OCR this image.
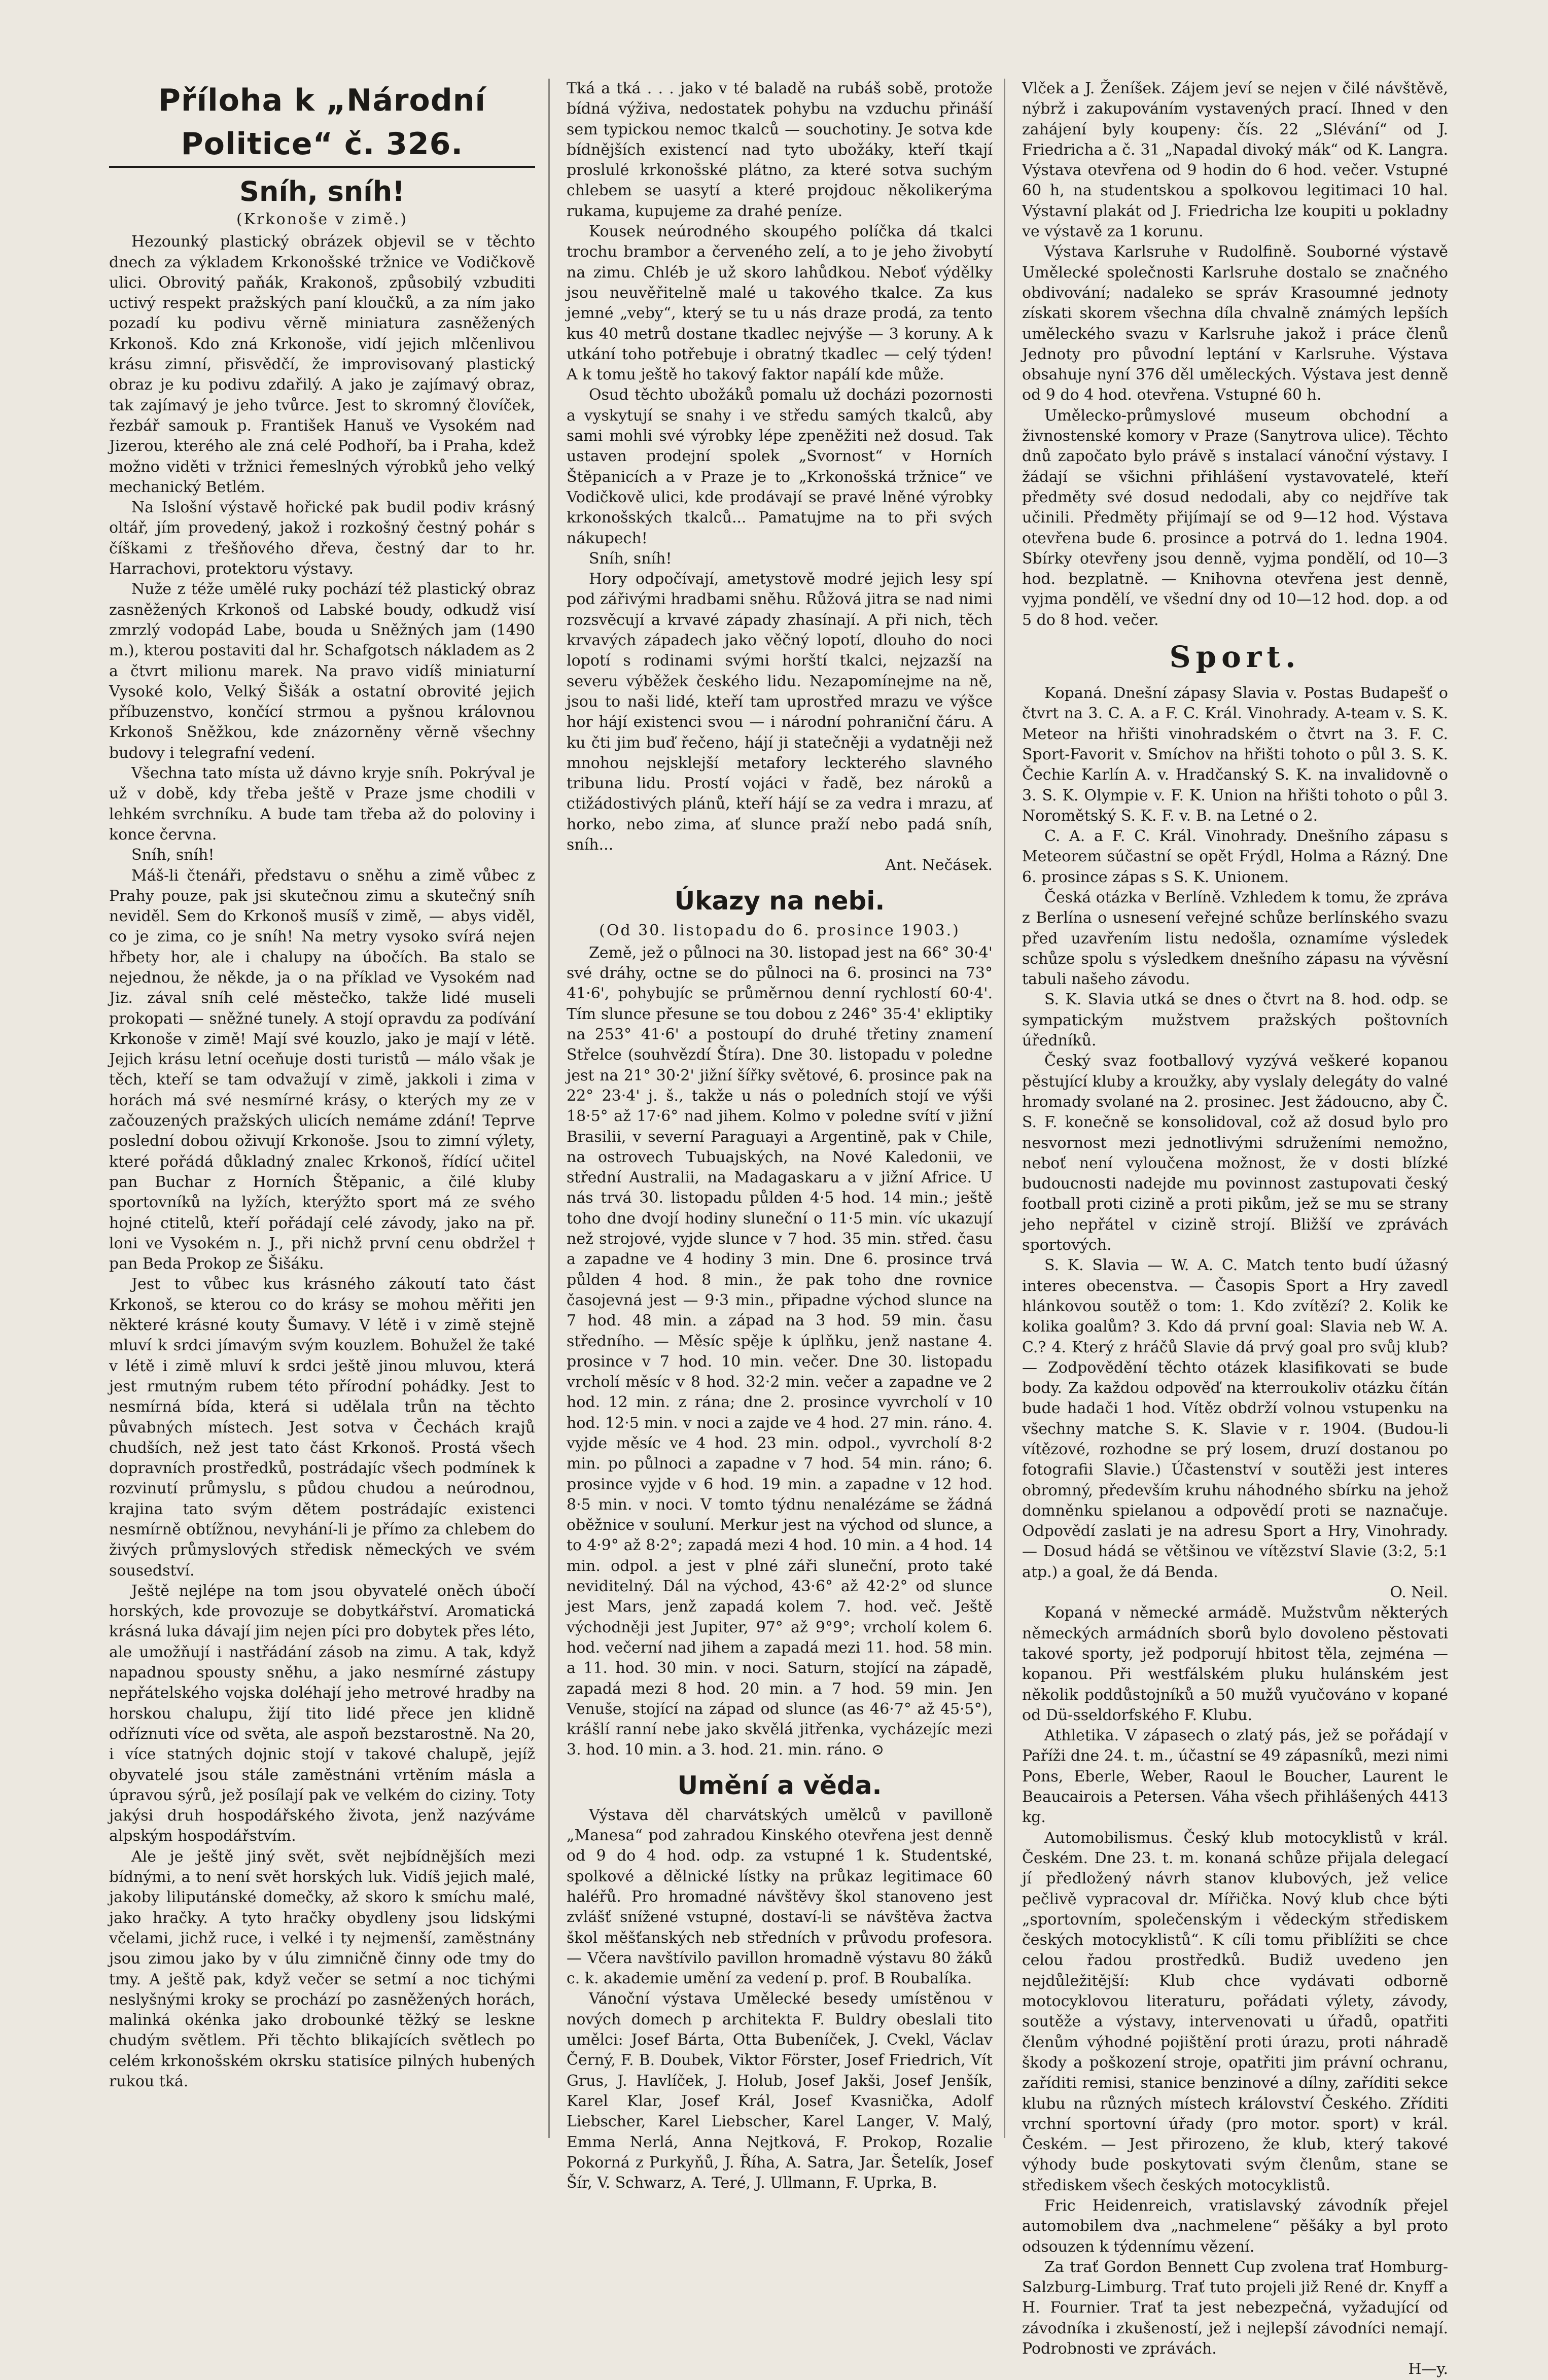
Příloha k „Národní Politice“ č. 326.
Sníh, sníh!
(Krkonoše v zimě.)

Hezounký plastický obrázek objevil se v těchto dnech za výkladem Krkonošské tržnice ve Vodičkově ulici. Obrovitý paňák, Krakonoš, způsobilý vzbuditi uctivý respekt pražských paní kloučků, a za ním jako pozadí ku podivu věrně miniatura zasněžených Krkonoš. Kdo zná Krkonoše, vidí jejich mlčenlivou krásu zimní, přisvědčí, že improvisovaný plastický obraz je ku podivu zdařilý. A jako je zajímavý obraz, tak zajímavý je jeho tvůrce. Jest to skromný človíček, řezbář samouk p. František Hanuš ve Vysokém nad Jizerou, kterého ale zná celé Podhoří, ba i Praha, kdež možno viděti v tržnici řemeslných výrobků jeho velký mechanický Betlém.

Na Islošní výstavě hořické pak budil podiv krásný oltář, jím provedený, jakož i rozkošný čestný pohár s číškami z třešňového dřeva, čestný dar to hr. Harrachovi, protektoru výstavy.

Nuže z téže umělé ruky pochází též plastický obraz zasněžených Krkonoš od Labské boudy, odkudž visí zmrzlý vodopád Labe, bouda u Sněžných jam (1490 m.), kterou postaviti dal hr. Schafgotsch nákladem as 2 a čtvrt milionu marek. Na pravo vidíš miniaturní Vysoké kolo, Velký Šišák a ostatní obrovité jejich příbuzenstvo, končící strmou a pyšnou královnou Krkonoš Sněžkou, kde znázorněny věrně všechny budovy i telegrafní vedení.

Všechna tato místa už dávno kryje sníh. Pokrýval je už v době, kdy třeba ještě v Praze jsme chodili v lehkém svrchníku. A bude tam třeba až do poloviny i konce června.

Sníh, sníh!

Máš-li čtenáři, představu o sněhu a zimě vůbec z Prahy pouze, pak jsi skutečnou zimu a skutečný sníh neviděl. Sem do Krkonoš musíš v zimě, — abys viděl, co je zima, co je sníh! Na metry vysoko svírá nejen hřbety hor, ale i chalupy na úbočích. Ba stalo se nejednou, že někde, ja o na příklad ve Vysokém nad Jiz. zával sníh celé městečko, takže lidé museli prokopati — sněžné tunely. A stojí opravdu za podívání Krkonoše v zimě! Mají své kouzlo, jako je mají v létě. Jejich krásu letní oceňuje dosti turistů — málo však je těch, kteří se tam odvažují v zimě, jakkoli i zima v horách má své nesmírné krásy, o kterých my ze v začouzených pražských ulicích nemáme zdání! Teprve poslední dobou oživují Krkonoše. Jsou to zimní výlety, které pořádá důkladný znalec Krkonoš, řídící učitel pan Buchar z Horních Štěpanic, a čilé kluby sportovníků na lyžích, kterýžto sport má ze svého hojné ctitelů, kteří pořádají celé závody, jako na př. loni ve Vysokém n. J., při nichž první cenu obdržel † pan Beda Prokop ze Šišáku.

Jest to vůbec kus krásného zákoutí tato část Krkonoš, se kterou co do krásy se mohou měřiti jen některé krásné kouty Šumavy. V létě i v zimě stejně mluví k srdci jímavým svým kouzlem. Bohužel že také v létě i zimě mluví k srdci ještě jinou mluvou, která jest rmutným rubem této přírodní pohádky. Jest to nesmírná bída, která si udělala trůn na těchto půvabných místech. Jest sotva v Čechách krajů chudších, než jest tato část Krkonoš. Prostá všech dopravních prostředků, postrádajíc všech podmínek k rozvinutí průmyslu, s půdou chudou a neúrodnou, krajina tato svým dětem postrádajíc existenci nesmírně obtížnou, nevyhání-li je přímo za chlebem do živých průmyslových středisk německých ve svém sousedství.

Ještě nejlépe na tom jsou obyvatelé oněch úbočí horských, kde provozuje se dobytkářství. Aromatická krásná luka dávají jim nejen píci pro dobytek přes léto, ale umožňují i nastřádání zásob na zimu. A tak, když napadnou spousty sněhu, a jako nesmírné zástupy nepřátelského vojska doléhají jeho metrové hradby na horskou chalupu, žijí tito lidé přece jen klidně odříznuti více od světa, ale aspoň bezstarostně. Na 20, i více statných dojnic stojí v takové chalupě, jejíž obyvatelé jsou stále zaměstnáni vrtěním másla a úpravou sýrů, jež posílají pak ve velkém do ciziny. Toty jakýsi druh hospodářského života, jenž nazýváme alpským hospodářstvím.

Ale je ještě jiný svět, svět nejbídnějších mezi bídnými, a to není svět horských luk. Vidíš jejich malé, jakoby liliputánské domečky, až skoro k smíchu malé, jako hračky. A tyto hračky obydleny jsou lidskými včelami, jichž ruce, i velké i ty nejmenší, zaměstnány jsou zimou jako by v úlu zimničně činny ode tmy do tmy. A ještě pak, když večer se setmí a noc tichými neslyšnými kroky se prochází po zasněžených horách, malinká okénka jako drobounké těžký se leskne chudým světlem. Při těchto blikajících světlech po celém krkonošském okrsku statisíce pilných hubených rukou tká.

Tká a tká . . . jako v té baladě na rubáš sobě, protože bídná výživa, nedostatek pohybu na vzduchu přináší sem typickou nemoc tkalců — souchotiny. Je sotva kde bídnějších existencí nad tyto ubožáky, kteří tkají proslulé krkonošské plátno, za které sotva suchým chlebem se uasytí a které projdouc několikerýma rukama, kupujeme za drahé peníze.

Kousek neúrodného skoupého políčka dá tkalci trochu brambor a červeného zelí, a to je jeho živobytí na zimu. Chléb je už skoro lahůdkou. Neboť výdělky jsou neuvěřitelně malé u takového tkalce. Za kus jemné „veby“, který se tu u nás draze prodá, za tento kus 40 metrů dostane tkadlec nejvýše — 3 koruny. A k utkání toho potřebuje i obratný tkadlec — celý týden! A k tomu ještě ho takový faktor napálí kde může.

Osud těchto ubožáků pomalu už docházi pozornosti a vyskytují se snahy i ve středu samých tkalců, aby sami mohli své výrobky lépe zpeněžiti než dosud. Tak ustaven prodejní spolek „Svornost“ v Horních Štěpanicích a v Praze je to „Krkonošská tržnice“ ve Vodičkově ulici, kde prodávají se pravé lněné výrobky krkonošských tkalců... Pamatujme na to při svých nákupech!

Sníh, sníh!

Hory odpočívají, ametystově modré jejich lesy spí pod zářivými hradbami sněhu. Růžová jitra se nad nimi rozsvěcují a krvavé západy zhasínají. A při nich, těch krvavých západech jako věčný lopotí, dlouho do noci lopotí s rodinami svými horští tkalci, nejzazší na severu výběžek českého lidu. Nezapomínejme na ně, jsou to naši lidé, kteří tam uprostřed mrazu ve výšce hor hájí existenci svou — i národní pohraniční čáru. A ku čti jim buď řečeno, hájí ji statečněji a vydatněji než mnohou nejsklejší metafory leckterého slavného tribuna lidu. Prostí vojáci v řadě, bez nároků a ctižádostivých plánů, kteří hájí se za vedra i mrazu, ať horko, nebo zima, ať slunce praží nebo padá sníh, sníh...

Ant. Nečásek.

Úkazy na nebi.
(Od 30. listopadu do 6. prosince 1903.)

Země, jež o půlnoci na 30. listopad jest na 66° 30·4' své dráhy, octne se do půlnoci na 6. prosinci na 73° 41·6', pohybujíc se průměrnou denní rychlostí 60·4'. Tím slunce přesune se tou dobou z 246° 35·4' ekliptiky na 253° 41·6' a postoupí do druhé třetiny znamení Střelce (souhvězdí Štíra). Dne 30. listopadu v poledne jest na 21° 30·2' jižní šířky světové, 6. prosince pak na 22° 23·4' j. š., takže u nás o poledních stojí ve výši 18·5° až 17·6° nad jihem. Kolmo v poledne svítí v jižní Brasilii, v severní Paraguayi a Argentině, pak v Chile, na ostrovech Tubuajských, na Nové Kaledonii, ve střední Australii, na Madagaskaru a v jižní Africe. U nás trvá 30. listopadu půlden 4·5 hod. 14 min.; ještě toho dne dvojí hodiny sluneční o 11·5 min. víc ukazují než strojové, vyjde slunce v 7 hod. 35 min. střed. času a zapadne ve 4 hodiny 3 min. Dne 6. prosince trvá půlden 4 hod. 8 min., že pak toho dne rovnice časojevná jest — 9·3 min., připadne východ slunce na 7 hod. 48 min. a západ na 3 hod. 59 min. času středního. — Měsíc spěje k úplňku, jenž nastane 4. prosince v 7 hod. 10 min. večer. Dne 30. listopadu vrcholí měsíc v 8 hod. 32·2 min. večer a zapadne ve 2 hod. 12 min. z rána; dne 2. prosince vyvrcholí v 10 hod. 12·5 min. v noci a zajde ve 4 hod. 27 min. ráno. 4. vyjde měsíc ve 4 hod. 23 min. odpol., vyvrcholí 8·2 min. po půlnoci a zapadne v 7 hod. 54 min. ráno; 6. prosince vyjde v 6 hod. 19 min. a zapadne v 12 hod. 8·5 min. v noci. V tomto týdnu nenalézáme se žádná oběžnice v souluní. Merkur jest na východ od slunce, a to 4·9° až 8·2°; zapadá mezi 4 hod. 10 min. a 4 hod. 14 min. odpol. a jest v plné záři sluneční, proto také neviditelný. Dál na východ, 43·6° až 42·2° od slunce jest Mars, jenž zapadá kolem 7. hod. več. Ještě východněji jest Jupiter, 97° až 9°9°; vrcholí kolem 6. hod. večerní nad jihem a zapadá mezi 11. hod. 58 min. a 11. hod. 30 min. v noci. Saturn, stojící na západě, zapadá mezi 8 hod. 20 min. a 7 hod. 59 min. Jen Venuše, stojící na západ od slunce (as 46·7° až 45·5°), krášlí ranní nebe jako skvělá jitřenka, vycházejíc mezi 3. hod. 10 min. a 3. hod. 21. min. ráno. ⊙

Umění a věda.

Výstava děl charvátských umělců v pavilloně „Manesa“ pod zahradou Kinského otevřena jest denně od 9 do 4 hod. odp. za vstupné 1 k. Studentské, spolkové a dělnické lístky na průkaz legitimace 60 haléřů. Pro hromadné návštěvy škol stanoveno jest zvlášť snížené vstupné, dostaví-li se návštěva žactva škol měšťanských neb středních v průvodu profesora. — Včera navštívilo pavillon hromadně výstavu 80 žáků c. k. akademie umění za vedení p. prof. B Roubalíka.

Vánoční výstava Umělecké besedy umístěnou v nových domech p architekta F. Buldry obeslali tito umělci: Josef Bárta, Otta Bubeníček, J. Cvekl, Václav Černý, F. B. Doubek, Viktor Förster, Josef Friedrich, Vít Grus, J. Havlíček, J. Holub, Josef Jakši, Josef Jenšík, Karel Klar, Josef Král, Josef Kvasnička, Adolf Liebscher, Karel Liebscher, Karel Langer, V. Malý, Emma Nerlá, Anna Nejtková, F. Prokop, Rozalie Pokorná z Purkyňů, J. Říha, A. Satra, Jar. Šetelík, Josef Šír, V. Schwarz, A. Teré, J. Ullmann, F. Uprka, B.

Vlček a J. Ženíšek. Zájem jeví se nejen v čilé návštěvě, nýbrž i zakupováním vystavených prací. Ihned v den zahájení byly koupeny: čís. 22 „Slévání“ od J. Friedricha a č. 31 „Napadal divoký mák“ od K. Langra. Výstava otevřena od 9 hodin do 6 hod. večer. Vstupné 60 h, na studentskou a spolkovou legitimaci 10 hal. Výstavní plakát od J. Friedricha lze koupiti u pokladny ve výstavě za 1 korunu.

Výstava Karlsruhe v Rudolfině. Souborné výstavě Umělecké společnosti Karlsruhe dostalo se značného obdivování; nadaleko se správ Krasoumné jednoty získati skorem všechna díla chvalně známých lepších uměleckého svazu v Karlsruhe jakož i práce členů Jednoty pro původní leptání v Karlsruhe. Výstava obsahuje nyní 376 děl uměleckých. Výstava jest denně od 9 do 4 hod. otevřena. Vstupné 60 h.

Umělecko-průmyslové museum obchodní a živnostenské komory v Praze (Sanytrova ulice). Těchto dnů započato bylo právě s instalací vánoční výstavy. I žádají se všichni přihlášení vystavovatelé, kteří předměty své dosud nedodali, aby co nejdříve tak učinili. Předměty přijímají se od 9—12 hod. Výstava otevřena bude 6. prosince a potrvá do 1. ledna 1904. Sbírky otevřeny jsou denně, vyjma pondělí, od 10—3 hod. bezplatně. — Knihovna otevřena jest denně, vyjma pondělí, ve všední dny od 10—12 hod. dop. a od 5 do 8 hod. večer.

Sport.

Kopaná. Dnešní zápasy Slavia v. Postas Budapešť o čtvrt na 3. C. A. a F. C. Král. Vinohrady. A-team v. S. K. Meteor na hřišti vinohradském o čtvrt na 3. F. C. Sport-Favorit v. Smíchov na hřišti tohoto o půl 3. S. K. Čechie Karlín A. v. Hradčanský S. K. na invalidovně o 3. S. K. Olympie v. F. K. Union na hřišti tohoto o půl 3. Noromětský S. K. F. v. B. na Letné o 2.

C. A. a F. C. Král. Vinohrady. Dnešního zápasu s Meteorem súčastní se opět Frýdl, Holma a Rázný. Dne 6. prosince zápas s S. K. Unionem.

Česká otázka v Berlíně. Vzhledem k tomu, že zpráva z Berlína o usnesení veřejné schůze berlínského svazu před uzavřením listu nedošla, oznamíme výsledek schůze spolu s výsledkem dnešního zápasu na vývěsní tabuli našeho závodu.

S. K. Slavia utká se dnes o čtvrt na 8. hod. odp. se sympatickým mužstvem pražských poštovních úředníků.

Český svaz footballový vyzývá veškeré kopanou pěstující kluby a kroužky, aby vyslaly delegáty do valné hromady svolané na 2. prosinec. Jest žádoucno, aby Č. S. F. konečně se konsolidoval, což až dosud bylo pro nesvornost mezi jednotlivými sdruženími nemožno, neboť není vyloučena možnost, že v dosti blízké budoucnosti nadejde mu povinnost zastupovati český football proti cizině a proti pikům, jež se mu se strany jeho nepřátel v cizině strojí. Bližší ve zprávách sportových.

S. K. Slavia — W. A. C. Match tento budí úžasný interes obecenstva. — Časopis Sport a Hry zavedl hlánkovou soutěž o tom: 1. Kdo zvítězí? 2. Kolik ke kolika goalům? 3. Kdo dá první goal: Slavia neb W. A. C.? 4. Který z hráčů Slavie dá prvý goal pro svůj klub? — Zodpovědění těchto otázek klasifikovati se bude body. Za každou odpověď na kterroukoliv otázku čítán bude hadači 1 hod. Vítěz obdrží volnou vstupenku na všechny matche S. K. Slavie v r. 1904. (Budou-li vítězové, rozhodne se prý losem, druzí dostanou po fotografii Slavie.) Účastenství v soutěži jest interes obromný, především kruhu náhodného sbírku na jehož domněnku spielanou a odpovědí proti se naznačuje. Odpovědí zaslati je na adresu Sport a Hry, Vinohrady. — Dosud hádá se většinou ve vítězství Slavie (3:2, 5:1 atp.) a goal, že dá Benda.

O. Neil.

Kopaná v německé armádě. Mužstvům některých německých armádních sborů bylo dovoleno pěstovati takové sporty, jež podporují hbitost těla, zejména — kopanou. Při westfálském pluku hulánském jest několik poddůstojníků a 50 mužů vyučováno v kopané od Dü-sseldorfského F. Klubu.

Athletika. V zápasech o zlatý pás, jež se pořádají v Paříži dne 24. t. m., účastní se 49 zápasníků, mezi nimi Pons, Eberle, Weber, Raoul le Boucher, Laurent le Beaucairois a Petersen. Váha všech přihlášených 4413 kg.

Automobilismus. Český klub motocyklistů v král. Českém. Dne 23. t. m. konaná schůze přijala delegací jí předložený návrh stanov klubových, jež velice pečlivě vypracoval dr. Mířička. Nový klub chce býti „sportovním, společenským i vědeckým střediskem českých motocyklistů“. K cíli tomu přiblížiti se chce celou řadou prostředků. Budiž uvedeno jen nejdůležitější: Klub chce vydávati odborně motocyklovou literaturu, pořádati výlety, závody, soutěže a výstavy, intervenovati u úřadů, opatřiti členům výhodné pojištění proti úrazu, proti náhradě škody a poškození stroje, opatřiti jim právní ochranu, zaříditi remisi, stanice benzinové a dílny, zaříditi sekce klubu na různých místech království Českého. Zříditi vrchní sportovní úřady (pro motor. sport) v král. Českém. — Jest přirozeno, že klub, který takové výhody bude poskytovati svým členům, stane se střediskem všech českých motocyklistů.

Fric Heidenreich, vratislavský závodník přejel automobilem dva „nachmelene“ pěšáky a byl proto odsouzen k týdennímu vězení.

Za trať Gordon Bennett Cup zvolena trať Homburg-Salzburg-Limburg. Trať tuto projeli již René dr. Knyff a H. Fournier. Trať ta jest nebezpečná, vyžadující od závodníka i zkušeností, jež i nejlepší závodníci nemají. Podrobnosti ve zprávách.

H—y.
